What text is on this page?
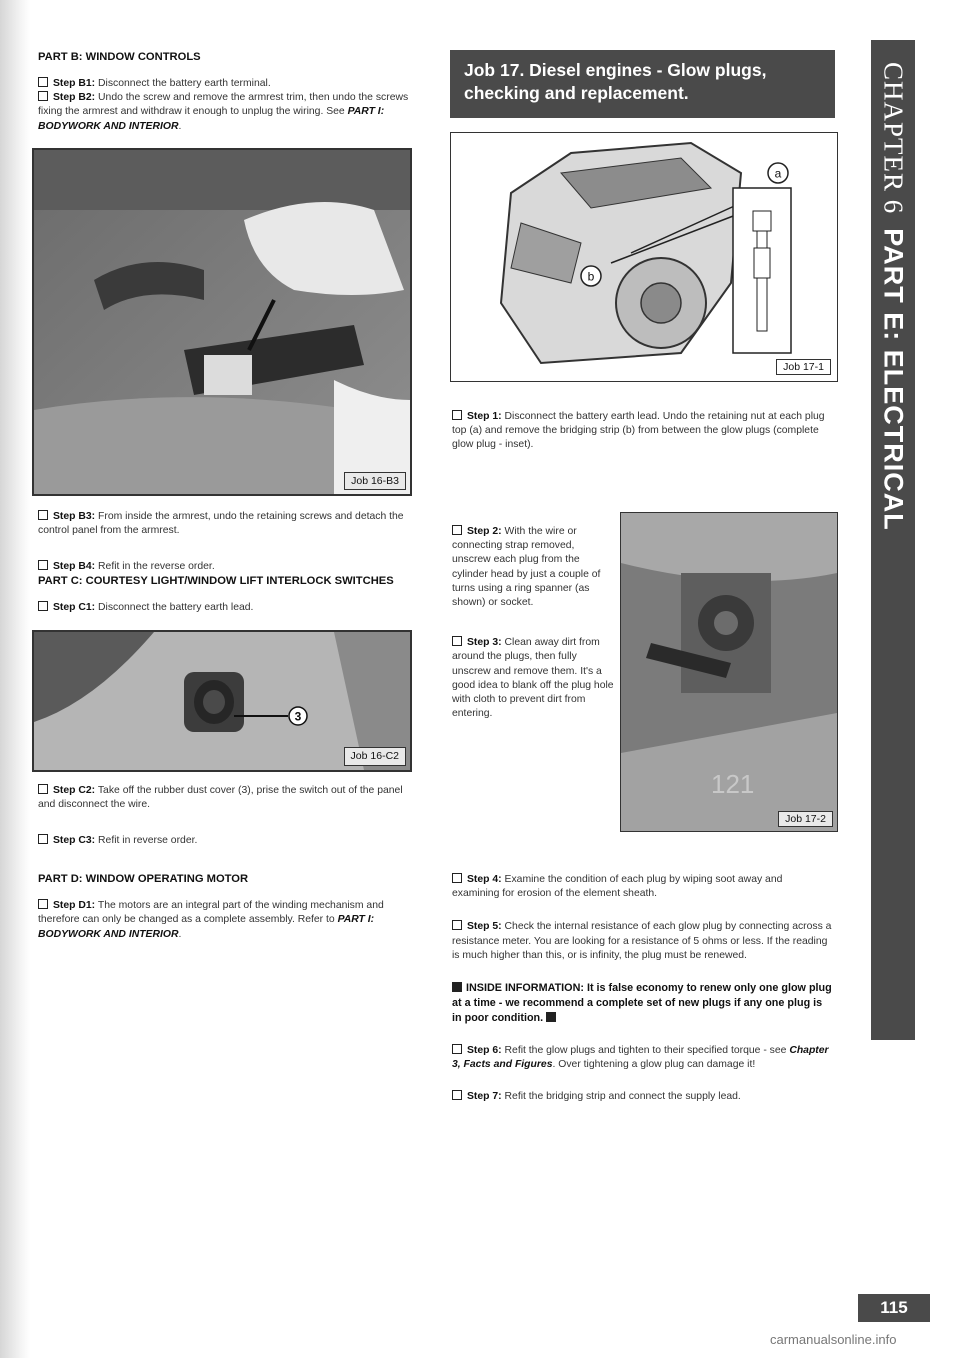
PART B: WINDOW CONTROLS

Step B1: Disconnect the battery earth terminal.

Step B2: Undo the screw and remove the armrest trim, then undo the screws fixing the armrest and withdraw it enough to unplug the wiring. See PART I: BODYWORK AND INTERIOR.

Job 16-B3

Step B3: From inside the armrest, undo the retaining screws and detach the control panel from the armrest.

Step B4: Refit in the reverse order.

PART C: COURTESY LIGHT/WINDOW LIFT INTERLOCK SWITCHES

Step C1: Disconnect the battery earth lead.

3
Job 16-C2

Step C2: Take off the rubber dust cover (3), prise the switch out of the panel and disconnect the wire.

Step C3: Refit in reverse order.

PART D: WINDOW OPERATING MOTOR

Step D1: The motors are an integral part of the winding mechanism and therefore can only be changed as a complete assembly. Refer to PART I: BODYWORK AND INTERIOR.

Job 17. Diesel engines - Glow plugs, checking and replacement.
a
b
Job 17-1

Step 1: Disconnect the battery earth lead. Undo the retaining nut at each plug top (a) and remove the bridging strip (b) from between the glow plugs (complete glow plug - inset).

Step 2: With the wire or connecting strap removed, unscrew each plug from the cylinder head by just a couple of turns using a ring spanner (as shown) or socket.

Step 3: Clean away dirt from around the plugs, then fully unscrew and remove them. It's a good idea to blank off the plug hole with cloth to prevent dirt from entering.

121
Job 17-2

Step 4: Examine the condition of each plug by wiping soot away and examining for erosion of the element sheath.

Step 5: Check the internal resistance of each glow plug by connecting across a resistance meter. You are looking for a resistance of 5 ohms or less. If the reading is much higher than this, or is infinity, the plug must be renewed.

INSIDE INFORMATION: It is false economy to renew only one glow plug at a time - we recommend a complete set of new plugs if any one plug is in poor condition.

Step 6: Refit the glow plugs and tighten to their specified torque - see Chapter 3, Facts and Figures. Over tightening a glow plug can damage it!

Step 7: Refit the bridging strip and connect the supply lead.

CHAPTER 6PART E: ELECTRICAL
115
carmanualsonline.info
